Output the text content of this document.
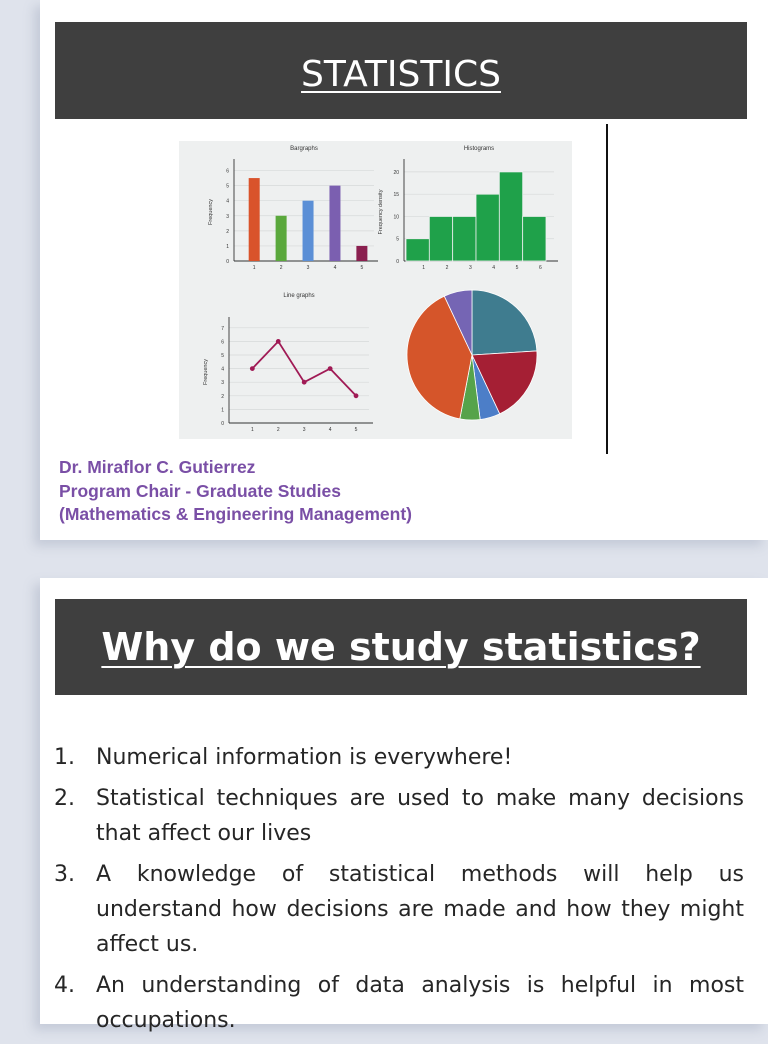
STATISTICS
0
1
2
3
4
5
6
Frequency
Bargraphs
1	2	3	4	5
0
5
10
15
20
Frequency density
Histograms
1	2	3	4	5	6
0
1
2
3
4
5
6
7
Frequency
Line graphs
1	2	3	4	5
Dr. Miraflor C. Gutierrez
Program Chair - Graduate Studies
(Mathematics & Engineering Management)
Why do we study statistics?
1. Numerical information is everywhere!
2. Statistical techniques are used to make many decisions that affect our lives
3. A knowledge of statistical methods will help us understand how decisions are made and how they might affect us.
4. An understanding of data analysis is helpful in most occupations.
